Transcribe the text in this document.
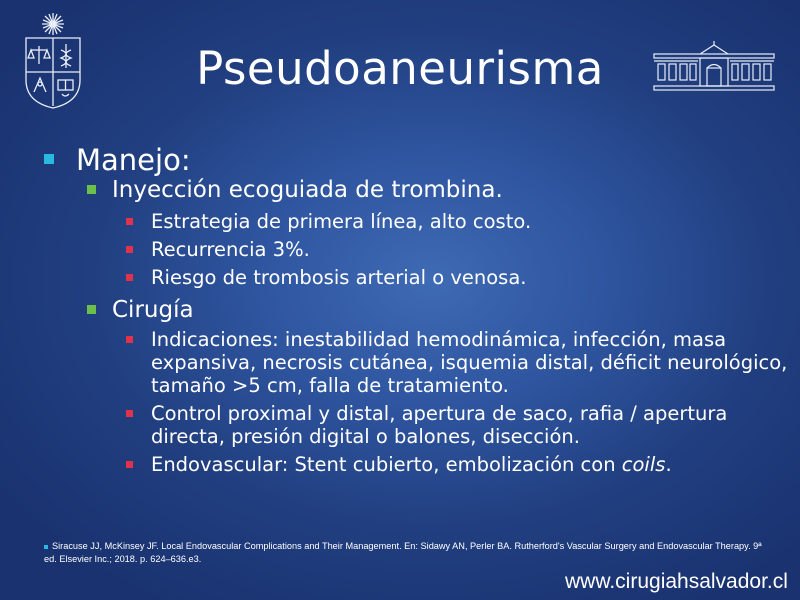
Pseudoaneurisma
Manejo:
Inyección ecoguiada de trombina.
Estrategia de primera línea, alto costo.
Recurrencia 3%.
Riesgo de trombosis arterial o venosa.
Cirugía
Indicaciones: inestabilidad hemodinámica, infección, masa expansiva, necrosis cutánea, isquemia distal, déficit neurológico, tamaño >5 cm, falla de tratamiento.
Control proximal y distal, apertura de saco, rafia / apertura directa, presión digital o balones, disección.
Endovascular: Stent cubierto, embolización con coils.
Siracuse JJ, McKinsey JF. Local Endovascular Complications and Their Management. En: Sidawy AN, Perler BA. Rutherford's Vascular Surgery and Endovascular Therapy. 9ª ed. Elsevier Inc.; 2018. p. 624–636.e3.
www.cirugiahsalvador.cl
